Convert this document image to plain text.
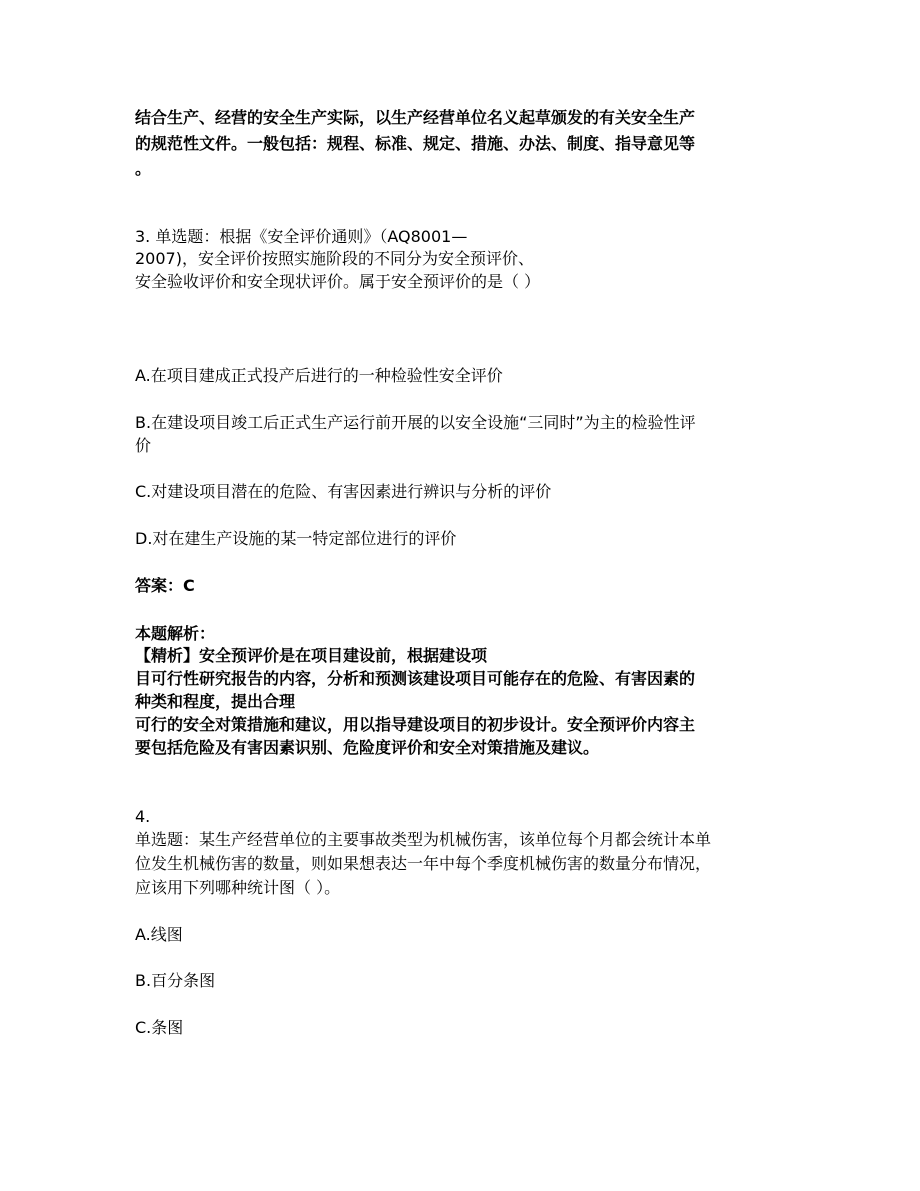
结合生产、经营的安全生产实际，以生产经营单位名义起草颁发的有关安全生产
的规范性文件。一般包括：规程、标准、规定、措施、办法、制度、指导意见等
。
3. 单选题：根据《安全评价通则》（AQ8001—
2007)，安全评价按照实施阶段的不同分为安全预评价、
安全验收评价和安全现状评价。属于安全预评价的是（ ）
A.在项目建成正式投产后进行的一种检验性安全评价
B.在建设项目竣工后正式生产运行前开展的以安全设施“三同时”为主的检验性评
价
C.对建设项目潜在的危险、有害因素进行辨识与分析的评价
D.对在建生产设施的某一特定部位进行的评价
答案：C
本题解析：
【精析】安全预评价是在项目建设前，根据建设项
目可行性研究报告的内容，分析和预测该建设项目可能存在的危险、有害因素的
种类和程度，提出合理
可行的安全对策措施和建议，用以指导建设项目的初步设计。安全预评价内容主
要包括危险及有害因素识别、危险度评价和安全对策措施及建议。
4.
单选题：某生产经营单位的主要事故类型为机械伤害，该单位每个月都会统计本单
位发生机械伤害的数量，则如果想表达一年中每个季度机械伤害的数量分布情况，
应该用下列哪种统计图（ ）。
A.线图
B.百分条图
C.条图
